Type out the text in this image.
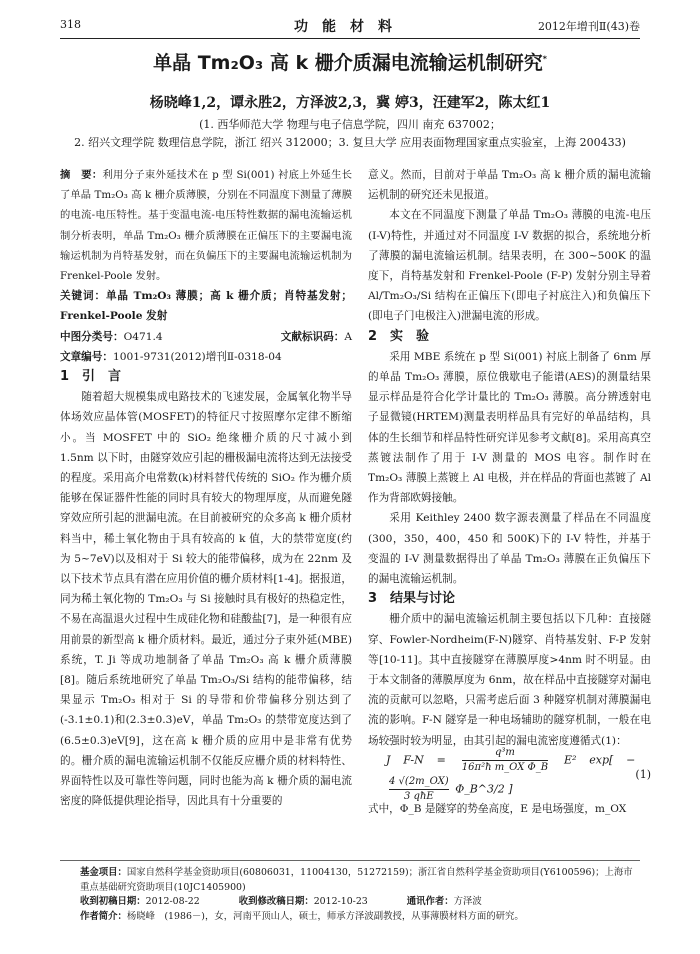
318	功能材料	2012年增刊Ⅱ(43)卷
单晶 Tm₂O₃ 高 k 栅介质漏电流输运机制研究*
杨晓峰1,2，谭永胜2，方泽波2,3，冀 婷3，汪建军2，陈太红1
(1. 西华师范大学 物理与电子信息学院，四川 南充 637002；
2. 绍兴文理学院 数理信息学院，浙江 绍兴 312000；3. 复旦大学 应用表面物理国家重点实验室，上海 200433)

摘　要：利用分子束外延技术在 p 型 Si(001) 衬底上外延生长了单晶 Tm₂O₃ 高 k 栅介质薄膜，分别在不同温度下测量了薄膜的电流-电压特性。基于变温电流-电压特性数据的漏电流输运机制分析表明，单晶 Tm₂O₃ 栅介质薄膜在正偏压下的主要漏电流输运机制为肖特基发射，而在负偏压下的主要漏电流输运机制为 Frenkel-Poole 发射。

关键词：单晶 Tm₂O₃ 薄膜；高 k 栅介质；肖特基发射；Frenkel-Poole 发射

中图分类号：O471.4	文献标识码：A

文章编号：1001-9731(2012)增刊Ⅱ-0318-04

1　引　言

随着超大规模集成电路技术的飞速发展，金属氧化物半导体场效应晶体管(MOSFET)的特征尺寸按照摩尔定律不断缩小。当 MOSFET 中的 SiO₂ 绝缘栅介质的尺寸减小到 1.5nm 以下时，由隧穿效应引起的栅极漏电流将达到无法接受的程度。采用高介电常数(k)材料替代传统的 SiO₂ 作为栅介质能够在保证器件性能的同时具有较大的物理厚度，从而避免隧穿效应所引起的泄漏电流。在目前被研究的众多高 k 栅介质材料当中，稀土氧化物由于具有较高的 k 值，大的禁带宽度(约为 5~7eV)以及相对于 Si 较大的能带偏移，成为在 22nm 及以下技术节点具有潜在应用价值的栅介质材料[1-4]。据报道，同为稀土氧化物的 Tm₂O₃ 与 Si 接触时具有极好的热稳定性，不易在高温退火过程中生成硅化物和硅酸盐[7]，是一种很有应用前景的新型高 k 栅介质材料。最近，通过分子束外延(MBE)系统，T. Ji 等成功地制备了单晶 Tm₂O₃ 高 k 栅介质薄膜[8]。随后系统地研究了单晶 Tm₂O₃/Si 结构的能带偏移，结果显示 Tm₂O₃ 相对于 Si 的导带和价带偏移分别达到了(-3.1±0.1)和(2.3±0.3)eV，单晶 Tm₂O₃ 的禁带宽度达到了(6.5±0.3)eV[9]，这在高 k 栅介质的应用中是非常有优势的。栅介质的漏电流输运机制不仅能反应栅介质的材料特性、界面特性以及可靠性等问题，同时也能为高 k 栅介质的漏电流密度的降低提供理论指导，因此具有十分重要的

意义。然而，目前对于单晶 Tm₂O₃ 高 k 栅介质的漏电流输运机制的研究还未见报道。

本文在不同温度下测量了单晶 Tm₂O₃ 薄膜的电流-电压(I-V)特性，并通过对不同温度 I-V 数据的拟合，系统地分析了薄膜的漏电流输运机制。结果表明，在 300~500K 的温度下，肖特基发射和 Frenkel-Poole (F-P) 发射分别主导着 Al/Tm₂O₃/Si 结构在正偏压下(即电子衬底注入)和负偏压下(即电子门电极注入)泄漏电流的形成。

2　实　验

采用 MBE 系统在 p 型 Si(001) 衬底上制备了 6nm 厚的单晶 Tm₂O₃ 薄膜，原位俄歇电子能谱(AES)的测量结果显示样品是符合化学计量比的 Tm₂O₃ 薄膜。高分辨透射电子显微镜(HRTEM)测量表明样品具有完好的单晶结构，具体的生长细节和样品特性研究详见参考文献[8]。采用高真空蒸镀法制作了用于 I-V 测量的 MOS 电容。制作时在 Tm₂O₃ 薄膜上蒸镀上 Al 电极，并在样品的背面也蒸镀了 Al 作为背部欧姆接触。

采用 Keithley 2400 数字源表测量了样品在不同温度(300，350，400，450 和 500K)下的 I-V 特性，并基于变温的 I-V 测量数据得出了单晶 Tm₂O₃ 薄膜在正负偏压下的漏电流输运机制。

3　结果与讨论

栅介质中的漏电流输运机制主要包括以下几种：直接隧穿、Fowler-Nordheim(F-N)隧穿、肖特基发射、F-P 发射等[10-11]。其中直接隧穿在薄膜厚度>4nm 时不明显。由于本文制备的薄膜厚度为 6nm，故在样品中直接隧穿对漏电流的贡献可以忽略，只需考虑后面 3 种隧穿机制对薄膜漏电流的影响。F-N 隧穿是一种电场辅助的隧穿机制，一般在电场较强时较为明显，由其引起的漏电流密度遵循式(1)：

J $F-N = \frac{\text{q³m}}{\text{16π²ħ m\_OX Φ\_B}} E^2$ exp[ −
$\frac{4 √(2m\_OX)}{\text{3 qħE}}$ Φ_B^3/2 ]
(1)

式中，Φ_B 是隧穿的势垒高度，E 是电场强度，m_OX

基金项目：国家自然科学基金资助项目(60806031，11004130，51272159)；浙江省自然科学基金资助项目(Y6100596)；上海市重点基础研究资助项目(10JC1405900)

收到初稿日期：2012-08-22	收到修改稿日期：2012-10-23	通讯作者：方泽波

作者简介：杨晓峰　(1986－)，女，河南平顶山人，硕士，师承方泽波副教授，从事薄膜材料方面的研究。
